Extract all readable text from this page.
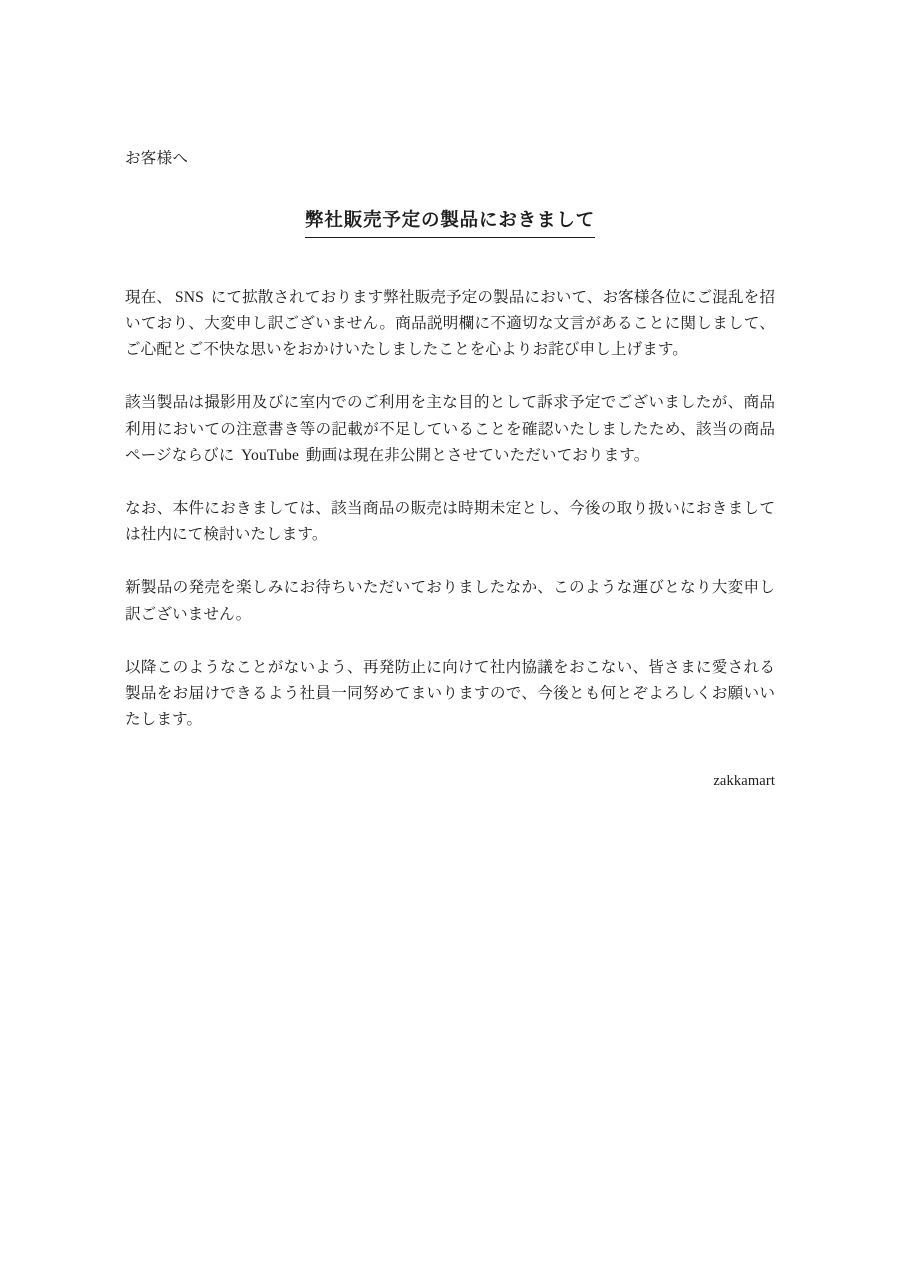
お客様へ

弊社販売予定の製品におきまして

現在、 SNS にて拡散されております弊社販売予定の製品において、お客様各位にご混乱を招いており、大変申し訳ございません。商品説明欄に不適切な文言があることに関しまして、ご心配とご不快な思いをおかけいたしましたことを心よりお詫び申し上げます。

該当製品は撮影用及びに室内でのご利用を主な目的として訴求予定でございましたが、商品利用においての注意書き等の記載が不足していることを確認いたしましたため、該当の商品ページならびに YouTube 動画は現在非公開とさせていただいております。

なお、本件におきましては、該当商品の販売は時期未定とし、今後の取り扱いにおきましては社内にて検討いたします。

新製品の発売を楽しみにお待ちいただいておりましたなか、このような運びとなり大変申し訳ございません。

以降このようなことがないよう、再発防止に向けて社内協議をおこない、皆さまに愛される製品をお届けできるよう社員一同努めてまいりますので、今後とも何とぞよろしくお願いいたします。

zakkamart
